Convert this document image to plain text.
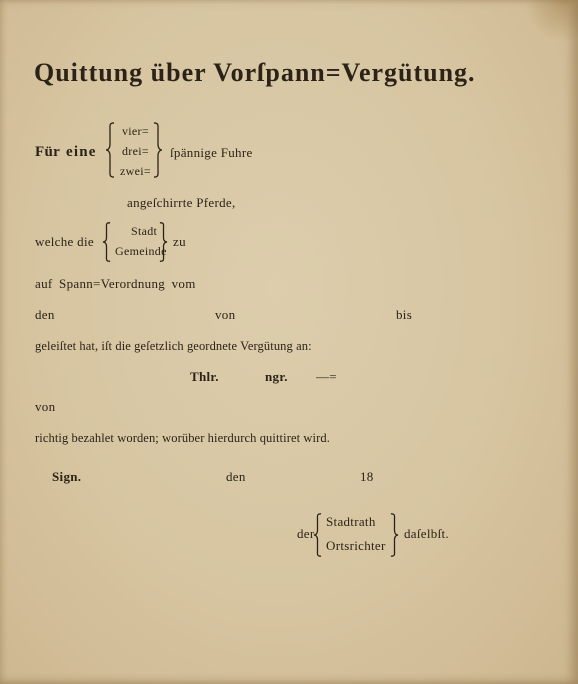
Quittung über Vorſpann=Vergütung.
Für eine
vier=
drei=
zwei=
ſpännige Fuhre
angeſchirrte Pferde,
welche die
Stadt
Gemeinde
zu
auf Spann=Verordnung vom
den	von	bis
geleiſtet hat, iſt die geſetzlich geordnete Vergütung an:
Thlr.	ngr. —=
von
richtig bezahlet worden; worüber hierdurch quittiret wird.
Sign.	den	18
der
Stadtrath
Ortsrichter
daſelbſt.
